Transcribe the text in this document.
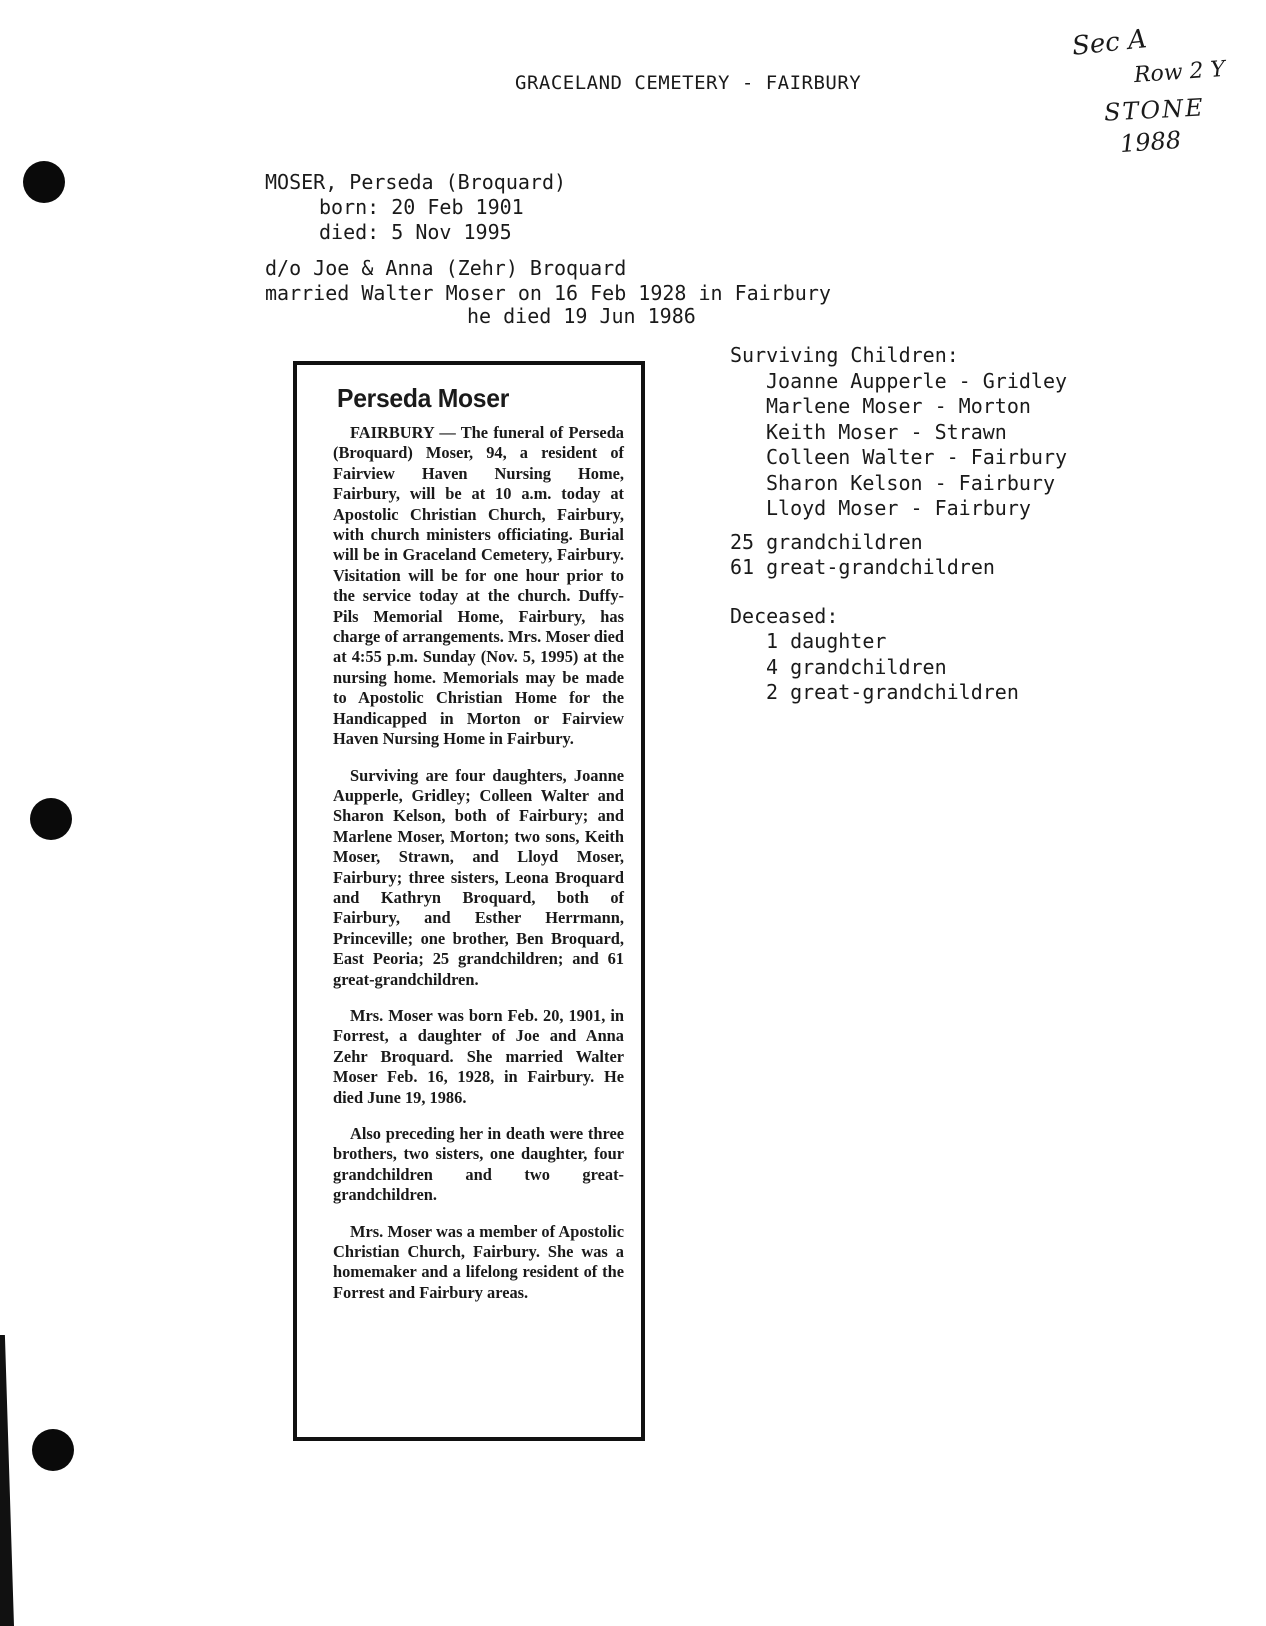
GRACELAND CEMETERY - FAIRBURY
Sec A
Row 2 Y
STONE
1988
MOSER, Perseda (Broquard)
born: 20 Feb 1901
died: 5 Nov 1995
d/o Joe & Anna (Zehr) Broquard
married Walter Moser on 16 Feb 1928 in Fairbury
he died 19 Jun 1986
Surviving Children:
Joanne Aupperle - Gridley
Marlene Moser - Morton
Keith Moser - Strawn
Colleen Walter - Fairbury
Sharon Kelson - Fairbury
Lloyd Moser - Fairbury
25 grandchildren
61 great-grandchildren
Deceased:
1 daughter
4 grandchildren
2 great-grandchildren
Perseda Moser

FAIRBURY — The funeral of Perseda (Broquard) Moser, 94, a resident of Fairview Haven Nursing Home, Fairbury, will be at 10 a.m. today at Apostolic Christian Church, Fairbury, with church ministers officiating. Burial will be in Graceland Cemetery, Fairbury. Visitation will be for one hour prior to the service today at the church. Duffy-Pils Memorial Home, Fairbury, has charge of arrangements. Mrs. Moser died at 4:55 p.m. Sunday (Nov. 5, 1995) at the nursing home. Memorials may be made to Apostolic Christian Home for the Handicapped in Morton or Fairview Haven Nursing Home in Fairbury.

Surviving are four daughters, Joanne Aupperle, Gridley; Colleen Walter and Sharon Kelson, both of Fairbury; and Marlene Moser, Morton; two sons, Keith Moser, Strawn, and Lloyd Moser, Fairbury; three sisters, Leona Broquard and Kathryn Broquard, both of Fairbury, and Esther Herrmann, Princeville; one brother, Ben Broquard, East Peoria; 25 grandchildren; and 61 great-grandchildren.

Mrs. Moser was born Feb. 20, 1901, in Forrest, a daughter of Joe and Anna Zehr Broquard. She married Walter Moser Feb. 16, 1928, in Fairbury. He died June 19, 1986.

Also preceding her in death were three brothers, two sisters, one daughter, four grandchildren and two great-grandchildren.

Mrs. Moser was a member of Apostolic Christian Church, Fairbury. She was a homemaker and a lifelong resident of the Forrest and Fairbury areas.
